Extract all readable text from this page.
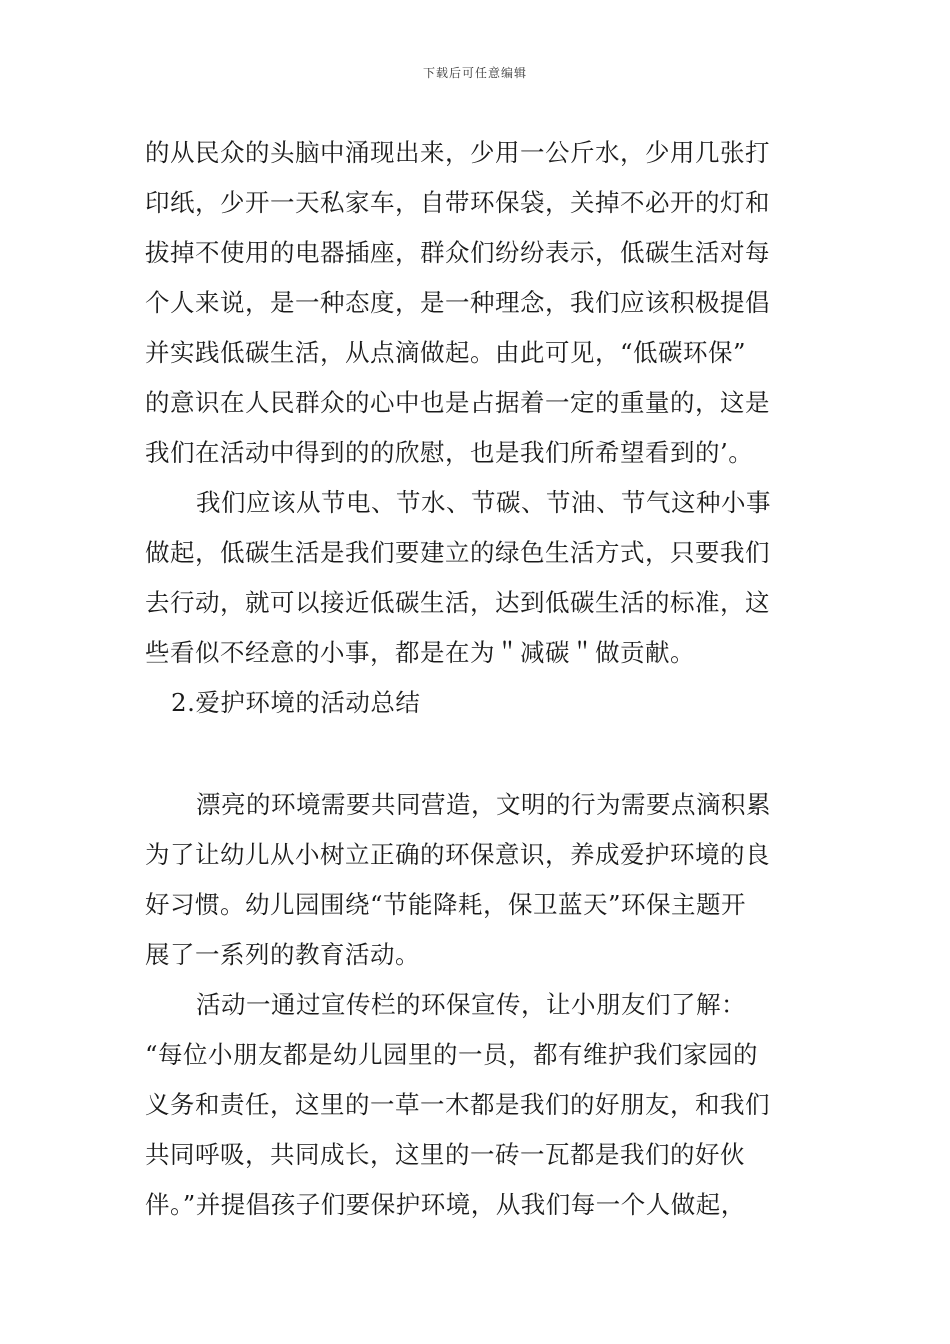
下载后可任意编辑
的从民众的头脑中涌现出来，少用一公斤水，少用几张打
印纸，少开一天私家车，自带环保袋，关掉不必开的灯和
拔掉不使用的电器插座，群众们纷纷表示，低碳生活对每
个人来说，是一种态度，是一种理念，我们应该积极提倡
并实践低碳生活，从点滴做起。由此可见，“低碳环保”
的意识在人民群众的心中也是占据着一定的重量的，这是
我们在活动中得到的的欣慰，也是我们所希望看到的’。
我们应该从节电、节水、节碳、节油、节气这种小事
做起，低碳生活是我们要建立的绿色生活方式，只要我们
去行动，就可以接近低碳生活，达到低碳生活的标准，这
些看似不经意的小事，都是在为＂减碳＂做贡献。
2.爱护环境的活动总结
漂亮的环境需要共同营造，文明的行为需要点滴积累
为了让幼儿从小树立正确的环保意识，养成爱护环境的良
好习惯。幼儿园围绕“节能降耗，保卫蓝天”环保主题开
展了一系列的教育活动。
活动一通过宣传栏的环保宣传，让小朋友们了解：
“每位小朋友都是幼儿园里的一员，都有维护我们家园的
义务和责任，这里的一草一木都是我们的好朋友，和我们
共同呼吸，共同成长，这里的一砖一瓦都是我们的好伙
伴。”并提倡孩子们要保护环境，从我们每一个人做起，
